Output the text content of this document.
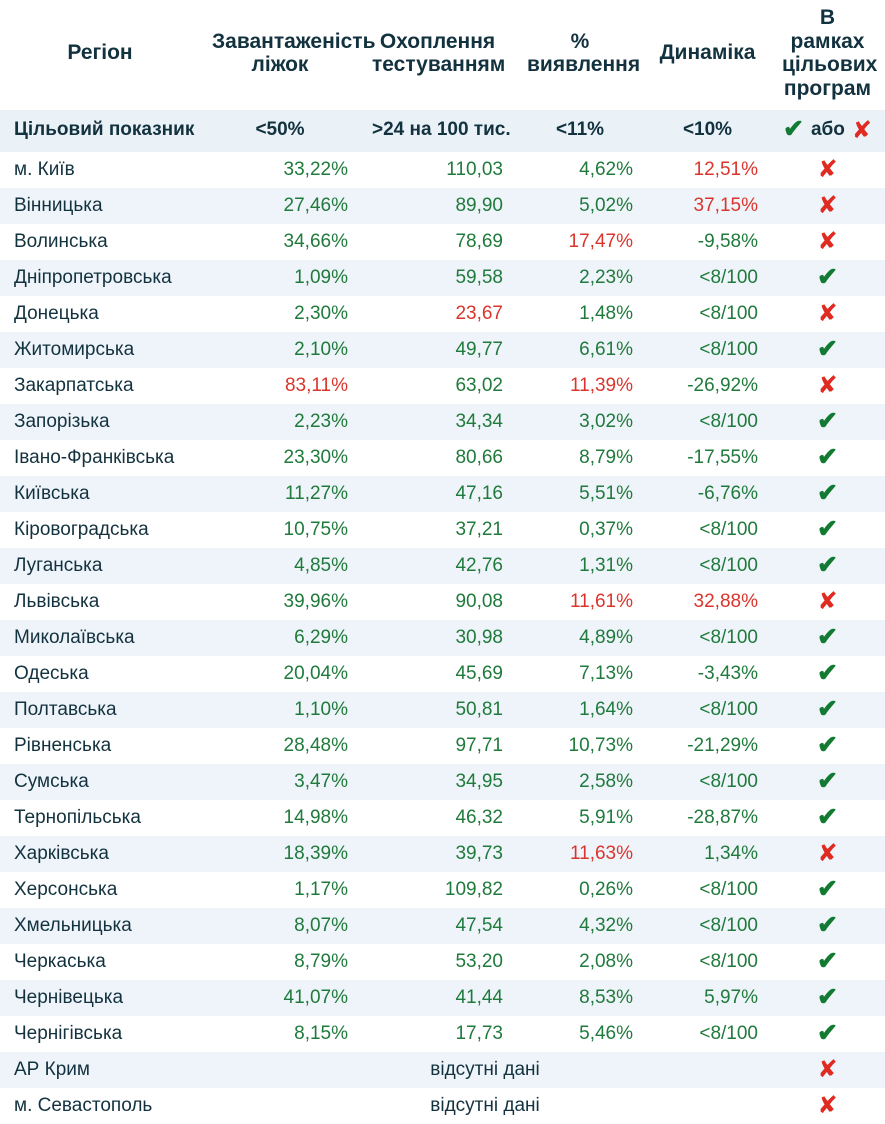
Регіон	Завантаженість ліжок	Охоплення тестуванням	% виявлення	Динаміка	В рамках цільових програм
Цільовий показник	<50%	>24 на 100 тис.	<11%	<10%	✔ або ✘

м. Київ	33,22%	110,03	4,62%	12,51%	✘
Вінницька	27,46%	89,90	5,02%	37,15%	✘
Волинська	34,66%	78,69	17,47%	-9,58%	✘
Дніпропетровська	1,09%	59,58	2,23%	<8/100	✔
Донецька	2,30%	23,67	1,48%	<8/100	✘
Житомирська	2,10%	49,77	6,61%	<8/100	✔
Закарпатська	83,11%	63,02	11,39%	-26,92%	✘
Запорізька	2,23%	34,34	3,02%	<8/100	✔
Івано-Франківська	23,30%	80,66	8,79%	-17,55%	✔
Київська	11,27%	47,16	5,51%	-6,76%	✔
Кіровоградська	10,75%	37,21	0,37%	<8/100	✔
Луганська	4,85%	42,76	1,31%	<8/100	✔
Львівська	39,96%	90,08	11,61%	32,88%	✘
Миколаївська	6,29%	30,98	4,89%	<8/100	✔
Одеська	20,04%	45,69	7,13%	-3,43%	✔
Полтавська	1,10%	50,81	1,64%	<8/100	✔
Рівненська	28,48%	97,71	10,73%	-21,29%	✔
Сумська	3,47%	34,95	2,58%	<8/100	✔
Тернопільська	14,98%	46,32	5,91%	-28,87%	✔
Харківська	18,39%	39,73	11,63%	1,34%	✘
Херсонська	1,17%	109,82	0,26%	<8/100	✔
Хмельницька	8,07%	47,54	4,32%	<8/100	✔
Черкаська	8,79%	53,20	2,08%	<8/100	✔
Чернівецька	41,07%	41,44	8,53%	5,97%	✔
Чернігівська	8,15%	17,73	5,46%	<8/100	✔
АР Крим	відсутні дані				✘
м. Севастополь	відсутні дані				✘
